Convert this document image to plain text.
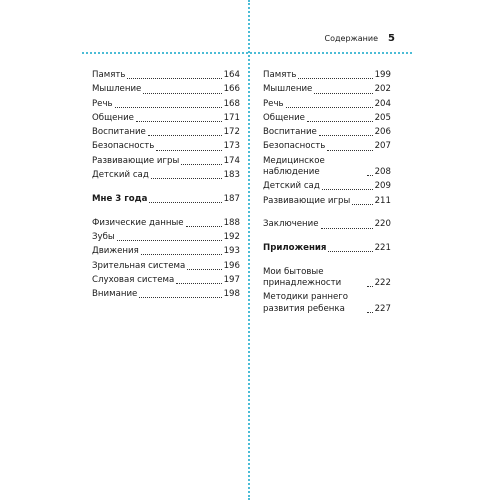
Содержание 5
Память	164
Мышление	166
Речь	168
Общение	171
Воспитание	172
Безопасность	173
Развивающие игры	174
Детский сад	183
Мне 3 года	187
Физические данные	188
Зубы	192
Движения	193
Зрительная система	196
Слуховая система	197
Внимание	198
Память	199
Мышление	202
Речь	204
Общение	205
Воспитание	206
Безопасность	207
Медицинское наблюдение	208
Детский сад	209
Развивающие игры	211
Заключение	220
Приложения	221
Мои бытовые принадлежности	222
Методики раннего развития ребенка	227
